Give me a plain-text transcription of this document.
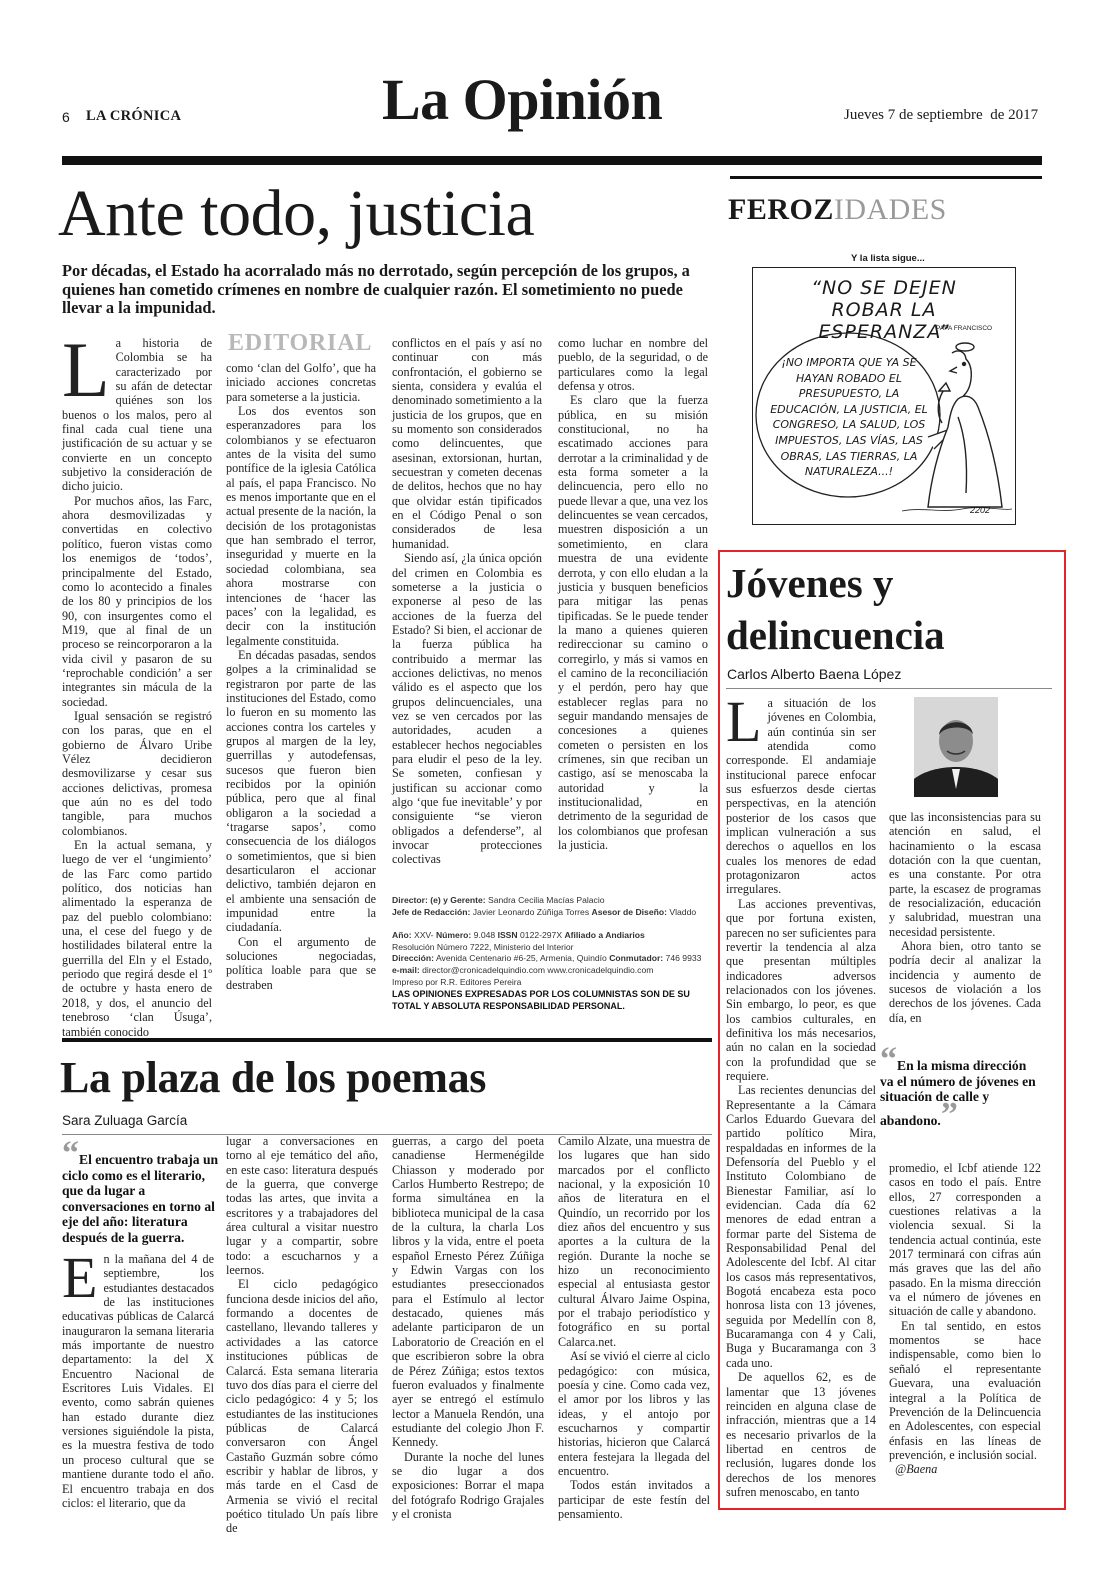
6 LA CRÓNICA	La Opinión	Jueves 7 de septiembre  de 2017
Ante todo, justicia
Por décadas, el Estado ha acorralado más no derrotado, según percepción de los grupos, a quienes han cometido crímenes en nombre de cualquier razón. El sometimiento no puede llevar a la impunidad.
L a historia de Colombia se ha caracterizado por su afán de detectar quiénes son los buenos o los malos, pero al final cada cual tiene una justificación de su actuar y se convierte en un concepto subjetivo la consideración de dicho juicio.

Por muchos años, las Farc, ahora desmovilizadas y convertidas en colectivo político, fueron vistas como los enemigos de ‘todos’, principalmente del Estado, como lo acontecido a finales de los 80 y principios de los 90, con insurgentes como el M19, que al final de un proceso se reincorporaron a la vida civil y pasaron de su ‘reprochable condición’ a ser integrantes sin mácula de la sociedad.

Igual sensación se registró con los paras, que en el gobierno de Álvaro Uribe Vélez decidieron desmovilizarse y cesar sus acciones delictivas, promesa que aún no es del todo tangible, para muchos colombianos.

En la actual semana, y luego de ver el ‘ungimiento’ de las Farc como partido político, dos noticias han alimentado la esperanza de paz del pueblo colombiano: una, el cese del fuego y de hostilidades bilateral entre la guerrilla del Eln y el Estado, periodo que regirá desde el 1º de octubre y hasta enero de 2018, y dos, el anuncio del tenebroso ‘clan Úsuga’, también conocido

EDITORIAL

como ‘clan del Golfo’, que ha iniciado acciones concretas para someterse a la justicia.

Los dos eventos son esperanzadores para los colombianos y se efectuaron antes de la visita del sumo pontífice de la iglesia Católica al país, el papa Francisco. No es menos importante que en el actual presente de la nación, la decisión de los protagonistas que han sembrado el terror, inseguridad y muerte en la sociedad colombiana, sea ahora mostrarse con intenciones de ‘hacer las paces’ con la legalidad, es decir con la institución legalmente constituida.

En décadas pasadas, sendos golpes a la criminalidad se registraron por parte de las instituciones del Estado, como lo fueron en su momento las acciones contra los carteles y grupos al margen de la ley, guerrillas y autodefensas, sucesos que fueron bien recibidos por la opinión pública, pero que al final obligaron a la sociedad a ‘tragarse sapos’, como consecuencia de los diálogos o sometimientos, que si bien desarticularon el accionar delictivo, también dejaron en el ambiente una sensación de impunidad entre la ciudadanía.

Con el argumento de soluciones negociadas, política loable para que se destraben

conflictos en el país y así no continuar con más confrontación, el gobierno se sienta, considera y evalúa el denominado sometimiento a la justicia de los grupos, que en su momento son considerados como delincuentes, que asesinan, extorsionan, hurtan, secuestran y cometen decenas de delitos, hechos que no hay que olvidar están tipificados en el Código Penal o son considerados de lesa humanidad.

Siendo así, ¿la única opción del crimen en Colombia es someterse a la justicia o exponerse al peso de las acciones de la fuerza del Estado? Si bien, el accionar de la fuerza pública ha contribuido a mermar las acciones delictivas, no menos válido es el aspecto que los grupos delincuenciales, una vez se ven cercados por las autoridades, acuden a establecer hechos negociables para eludir el peso de la ley. Se someten, confiesan y justifican su accionar como algo ‘que fue inevitable’ y por consiguiente “se vieron obligados a defenderse”, al invocar protecciones colectivas

como luchar en nombre del pueblo, de la seguridad, o de particulares como la legal defensa y otros.

Es claro que la fuerza pública, en su misión constitucional, no ha escatimado acciones para derrotar a la criminalidad y de esta forma someter a la delincuencia, pero ello no puede llevar a que, una vez los delincuentes se vean cercados, muestren disposición a un sometimiento, en clara muestra de una evidente derrota, y con ello eludan a la justicia y busquen beneficios para mitigar las penas tipificadas. Se le puede tender la mano a quienes quieren redireccionar su camino o corregirlo, y más si vamos en el camino de la reconciliación y el perdón, pero hay que establecer reglas para no seguir mandando mensajes de concesiones a quienes cometen o persisten en los crímenes, sin que reciban un castigo, así se menoscaba la autoridad y la institucionalidad, en detrimento de la seguridad de los colombianos que profesan la justicia.

Director: (e) y Gerente: Sandra Cecilia Macías Palacio
Jefe de Redacción: Javier Leonardo Zúñiga Torres Asesor de Diseño: Vladdo
Año: XXV- Número: 9.048 ISSN 0122-297X Afiliado a Andiarios
Resolución Número 7222, Ministerio del Interior
Dirección: Avenida Centenario #6-25, Armenia, Quindío Conmutador: 746 9933
e-mail: director@cronicadelquindio.com www.cronicadelquindio.com
Impreso por R.R. Editores Pereira
LAS OPINIONES EXPRESADAS POR LOS COLUMNISTAS SON DE SU TOTAL Y ABSOLUTA RESPONSABILIDAD PERSONAL.
FEROZIDADES
Y la lista sigue...
“NO SE DEJEN ROBAR LA ESPERANZA”
PAPA FRANCISCO
¡NO IMPORTA QUE YA SE HAYAN ROBADO EL PRESUPUESTO, LA EDUCACIÓN, LA JUSTICIA, EL CONGRESO, LA SALUD, LOS IMPUESTOS, LAS VÍAS, LAS OBRAS, LAS TIERRAS, LA NATURALEZA...!
2202
Jóvenes y
delincuencia
Carlos Alberto Baena López
L a situación de los jóvenes en Colombia, aún continúa sin ser atendida como corresponde. El andamiaje institucional parece enfocar sus esfuerzos desde ciertas perspectivas, en la atención posterior de los casos que implican vulneración a sus derechos o aquellos en los cuales los menores de edad protagonizaron actos irregulares.

Las acciones preventivas, que por fortuna existen, parecen no ser suficientes para revertir la tendencia al alza que presentan múltiples indicadores adversos relacionados con los jóvenes. Sin embargo, lo peor, es que los cambios culturales, en definitiva los más necesarios, aún no calan en la sociedad con la profundidad que se requiere.

Las recientes denuncias del Representante a la Cámara Carlos Eduardo Guevara del partido político Mira, respaldadas en informes de la Defensoría del Pueblo y el Instituto Colombiano de Bienestar Familiar, así lo evidencian. Cada día 62 menores de edad entran a formar parte del Sistema de Responsabilidad Penal del Adolescente del Icbf. Al citar los casos más representativos, Bogotá encabeza esta poco honrosa lista con 13 jóvenes, seguida por Medellín con 8, Bucaramanga con 4 y Cali, Buga y Bucaramanga con 3 cada uno.

De aquellos 62, es de lamentar que 13 jóvenes reinciden en alguna clase de infracción, mientras que a 14 es necesario privarlos de la libertad en centros de reclusión, lugares donde los derechos de los menores sufren menoscabo, en tanto

que las inconsistencias para su atención en salud, el hacinamiento o la escasa dotación con la que cuentan, es una constante. Por otra parte, la escasez de programas de resocialización, educación y salubridad, muestran una necesidad persistente.

Ahora bien, otro tanto se podría decir al analizar la incidencia y aumento de sucesos de violación a los derechos de los jóvenes. Cada día, en

“En la misma dirección va el número de jóvenes en situación de calle y abandono.”

promedio, el Icbf atiende 122 casos en todo el país. Entre ellos, 27 corresponden a cuestiones relativas a la violencia sexual. Si la tendencia actual continúa, este 2017 terminará con cifras aún más graves que las del año pasado. En la misma dirección va el número de jóvenes en situación de calle y abandono.

En tal sentido, en estos momentos se hace indispensable, como bien lo señaló el representante Guevara, una evaluación integral a la Política de Prevención de la Delincuencia en Adolescentes, con especial énfasis en las líneas de prevención, e inclusión social.

@Baena

La plaza de los poemas
Sara Zuluaga García
“El encuentro trabaja un ciclo como es el literario, que da lugar a conversaciones en torno al eje del año: literatura después de la guerra.
E n la mañana del 4 de septiembre, los estudiantes destacados de las instituciones educativas públicas de Calarcá inauguraron la semana literaria más importante de nuestro departamento: la del X Encuentro Nacional de Escritores Luis Vidales. El evento, como sabrán quienes han estado durante diez versiones siguiéndole la pista, es la muestra festiva de todo un proceso cultural que se mantiene durante todo el año. El encuentro trabaja en dos ciclos: el literario, que da

lugar a conversaciones en torno al eje temático del año, en este caso: literatura después de la guerra, que converge todas las artes, que invita a escritores y a trabajadores del área cultural a visitar nuestro lugar y a compartir, sobre todo: a escucharnos y a leernos.

El ciclo pedagógico funciona desde inicios del año, formando a docentes de castellano, llevando talleres y actividades a las catorce instituciones públicas de Calarcá. Esta semana literaria tuvo dos días para el cierre del ciclo pedagógico: 4 y 5; los estudiantes de las instituciones públicas de Calarcá conversaron con Ángel Castaño Guzmán sobre cómo escribir y hablar de libros, y más tarde en el Casd de Armenia se vivió el recital poético titulado Un país libre de

guerras, a cargo del poeta canadiense Hermenégilde Chiasson y moderado por Carlos Humberto Restrepo; de forma simultánea en la biblioteca municipal de la casa de la cultura, la charla Los libros y la vida, entre el poeta español Ernesto Pérez Zúñiga y Edwin Vargas con los estudiantes preseccionados para el Estímulo al lector destacado, quienes más adelante participaron de un Laboratorio de Creación en el que escribieron sobre la obra de Pérez Zúñiga; estos textos fueron evaluados y finalmente ayer se entregó el estímulo lector a Manuela Rendón, una estudiante del colegio Jhon F. Kennedy.

Durante la noche del lunes se dio lugar a dos exposiciones: Borrar el mapa del fotógrafo Rodrigo Grajales y el cronista

Camilo Alzate, una muestra de los lugares que han sido marcados por el conflicto nacional, y la exposición 10 años de literatura en el Quindío, un recorrido por los diez años del encuentro y sus aportes a la cultura de la región. Durante la noche se hizo un reconocimiento especial al entusiasta gestor cultural Álvaro Jaime Ospina, por el trabajo periodístico y fotográfico en su portal Calarca.net.

Así se vivió el cierre al ciclo pedagógico: con música, poesía y cine. Como cada vez, el amor por los libros y las ideas, y el antojo por escucharnos y compartir historias, hicieron que Calarcá entera festejara la llegada del encuentro.

Todos están invitados a participar de este festín del pensamiento.
